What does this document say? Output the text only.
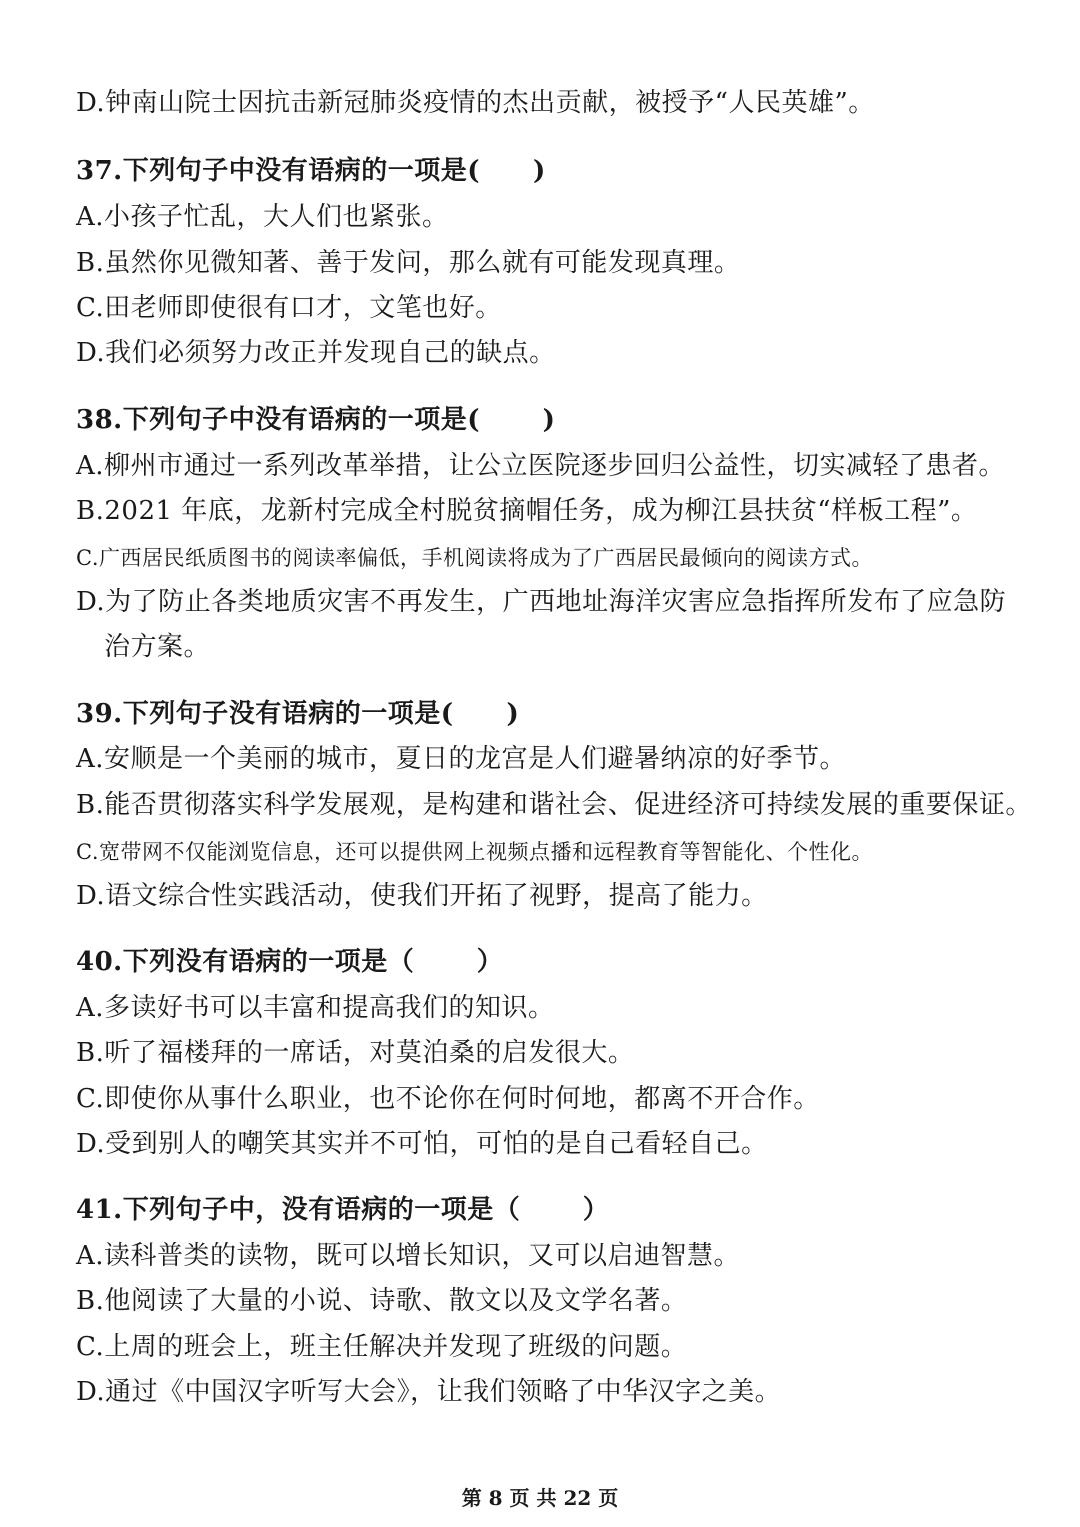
D.钟南山院士因抗击新冠肺炎疫情的杰出贡献，被授予“人民英雄”。
37.下列句子中没有语病的一项是(　　)
A.小孩子忙乱，大人们也紧张。
B.虽然你见微知著、善于发问，那么就有可能发现真理。
C.田老师即使很有口才，文笔也好。
D.我们必须努力改正并发现自己的缺点。
38.下列句子中没有语病的一项是(　　 )
A.柳州市通过一系列改革举措，让公立医院逐步回归公益性，切实减轻了患者。
B.2021 年底，龙新村完成全村脱贫摘帽任务，成为柳江县扶贫“样板工程”。
C.广西居民纸质图书的阅读率偏低，手机阅读将成为了广西居民最倾向的阅读方式。
D.为了防止各类地质灾害不再发生，广西地址海洋灾害应急指挥所发布了应急防
治方案。
39.下列句子没有语病的一项是(　　)
A.安顺是一个美丽的城市，夏日的龙宫是人们避暑纳凉的好季节。
B.能否贯彻落实科学发展观，是构建和谐社会、促进经济可持续发展的重要保证。
C.宽带网不仅能浏览信息，还可以提供网上视频点播和远程教育等智能化、个性化。
D.语文综合性实践活动，使我们开拓了视野，提高了能力。
40.下列没有语病的一项是（　　 ）
A.多读好书可以丰富和提高我们的知识。
B.听了福楼拜的一席话，对莫泊桑的启发很大。
C.即使你从事什么职业，也不论你在何时何地，都离不开合作。
D.受到别人的嘲笑其实并不可怕，可怕的是自己看轻自己。
41.下列句子中，没有语病的一项是（　　 ）
A.读科普类的读物，既可以增长知识，又可以启迪智慧。
B.他阅读了大量的小说、诗歌、散文以及文学名著。
C.上周的班会上，班主任解决并发现了班级的问题。
D.通过《中国汉字听写大会》，让我们领略了中华汉字之美。
第 8 页 共 22 页
